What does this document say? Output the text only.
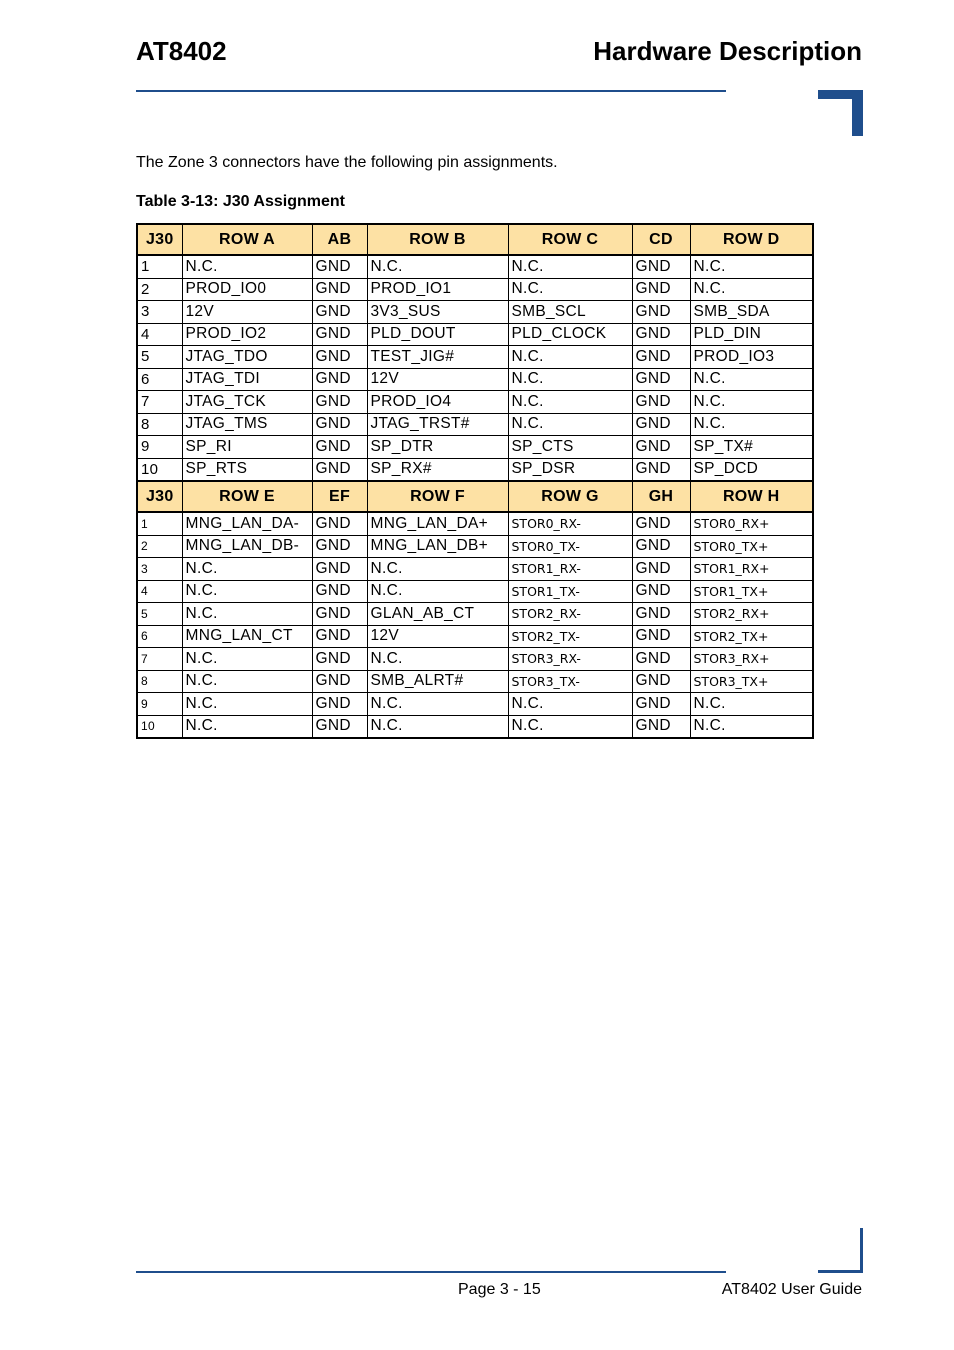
AT8402	Hardware Description
The Zone 3 connectors have the following pin assignments.
Table 3-13: J30 Assignment
J30	ROW A	AB	ROW B	ROW C	CD	ROW D
1	N.C.	GND	N.C.	N.C.	GND	N.C.
2	PROD_IO0	GND	PROD_IO1	N.C.	GND	N.C.
3	12V	GND	3V3_SUS	SMB_SCL	GND	SMB_SDA
4	PROD_IO2	GND	PLD_DOUT	PLD_CLOCK	GND	PLD_DIN
5	JTAG_TDO	GND	TEST_JIG#	N.C.	GND	PROD_IO3
6	JTAG_TDI	GND	12V	N.C.	GND	N.C.
7	JTAG_TCK	GND	PROD_IO4	N.C.	GND	N.C.
8	JTAG_TMS	GND	JTAG_TRST#	N.C.	GND	N.C.
9	SP_RI	GND	SP_DTR	SP_CTS	GND	SP_TX#
10	SP_RTS	GND	SP_RX#	SP_DSR	GND	SP_DCD
J30	ROW E	EF	ROW F	ROW G	GH	ROW H
1	MNG_LAN_DA-	GND	MNG_LAN_DA+	STOR0_RX-	GND	STOR0_RX+
2	MNG_LAN_DB-	GND	MNG_LAN_DB+	STOR0_TX-	GND	STOR0_TX+
3	N.C.	GND	N.C.	STOR1_RX-	GND	STOR1_RX+
4	N.C.	GND	N.C.	STOR1_TX-	GND	STOR1_TX+
5	N.C.	GND	GLAN_AB_CT	STOR2_RX-	GND	STOR2_RX+
6	MNG_LAN_CT	GND	12V	STOR2_TX-	GND	STOR2_TX+
7	N.C.	GND	N.C.	STOR3_RX-	GND	STOR3_RX+
8	N.C.	GND	SMB_ALRT#	STOR3_TX-	GND	STOR3_TX+
9	N.C.	GND	N.C.	N.C.	GND	N.C.
10	N.C.	GND	N.C.	N.C.	GND	N.C.
Page 3 - 15	AT8402 User Guide
